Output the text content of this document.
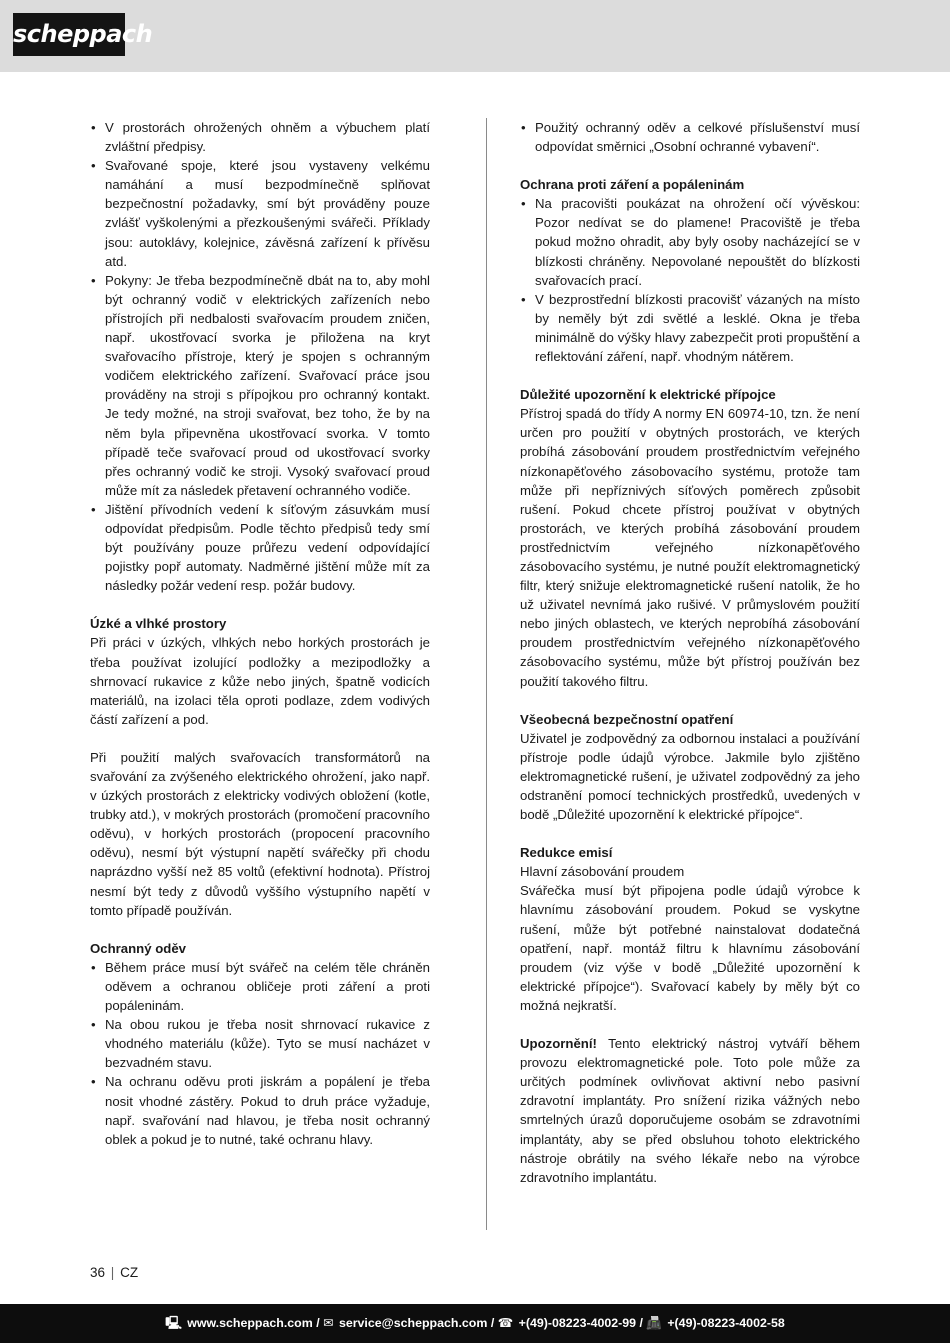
scheppach
• V prostorách ohrožených ohněm a výbuchem platí zvláštní předpisy.
• Svařované spoje, které jsou vystaveny velkému namáhání a musí bezpodmínečně splňovat bezpečnostní požadavky, smí být prováděny pouze zvlášť vyškolenými a přezkoušenými svářeči. Příklady jsou: autoklávy, kolejnice, závěsná zařízení k přívěsu atd.
• Pokyny: Je třeba bezpodmínečně dbát na to, aby mohl být ochranný vodič v elektrických zařízeních nebo přístrojích při nedbalosti svařovacím proudem zničen, např. ukostřovací svorka je přiložena na kryt svařovacího přístroje, který je spojen s ochranným vodičem elektrického zařízení. Svařovací práce jsou prováděny na stroji s přípojkou pro ochranný kontakt. Je tedy možné, na stroji svařovat, bez toho, že by na něm byla připevněna ukostřovací svorka. V tomto případě teče svařovací proud od ukostřovací svorky přes ochranný vodič ke stroji. Vysoký svařovací proud může mít za následek přetavení ochranného vodiče.
• Jištění přívodních vedení k síťovým zásuvkám musí odpovídat předpisům. Podle těchto předpisů tedy smí být používány pouze průřezu vedení odpovídající pojistky popř automaty. Nadměrné jištění může mít za následky požár vedení resp. požár budovy.
Úzké a vlhké prostory

Při práci v úzkých, vlhkých nebo horkých prostorách je třeba používat izolující podložky a mezipodložky a shrnovací rukavice z kůže nebo jiných, špatně vodicích materiálů, na izolaci těla oproti podlaze, zdem vodivých částí zařízení a pod.

Při použití malých svařovacích transformátorů na svařování za zvýšeného elektrického ohrožení, jako např. v úzkých prostorách z elektricky vodivých obložení (kotle, trubky atd.), v mokrých prostorách (promočení pracovního oděvu), v horkých prostorách (propocení pracovního oděvu), nesmí být výstupní napětí svářečky při chodu naprázdno vyšší než 85 voltů (efektivní hodnota). Přístroj nesmí být tedy z důvodů vyššího výstupního napětí v tomto případě používán.

Ochranný oděv
• Během práce musí být svářeč na celém těle chráněn oděvem a ochranou obličeje proti záření a proti popáleninám.
• Na obou rukou je třeba nosit shrnovací rukavice z vhodného materiálu (kůže). Tyto se musí nacházet v bezvadném stavu.
• Na ochranu oděvu proti jiskrám a popálení je třeba nosit vhodné zástěry. Pokud to druh práce vyžaduje, např. svařování nad hlavou, je třeba nosit ochranný oblek a pokud je to nutné, také ochranu hlavy.
• Použitý ochranný oděv a celkové příslušenství musí odpovídat směrnici „Osobní ochranné vybavení“.
Ochrana proti záření a popáleninám
• Na pracovišti poukázat na ohrožení očí vývěskou: Pozor nedívat se do plamene! Pracoviště je třeba pokud možno ohradit, aby byly osoby nacházející se v blízkosti chráněny. Nepovolané nepouštět do blízkosti svařovacích prací.
• V bezprostřední blízkosti pracovišť vázaných na místo by neměly být zdi světlé a lesklé. Okna je třeba minimálně do výšky hlavy zabezpečit proti propuštění a reflektování záření, např. vhodným nátěrem.
Důležité upozornění k elektrické přípojce

Přístroj spadá do třídy A normy EN 60974-10, tzn. že není určen pro použití v obytných prostorách, ve kterých probíhá zásobování proudem prostřednictvím veřejného nízkonapěťového zásobovacího systému, protože tam může při nepříznivých síťových poměrech způsobit rušení. Pokud chcete přístroj používat v obytných prostorách, ve kterých probíhá zásobování proudem prostřednictvím veřejného nízkonapěťového zásobovacího systému, je nutné použít elektromagnetický filtr, který snižuje elektromagnetické rušení natolik, že ho už uživatel nevnímá jako rušivé. V průmyslovém použití nebo jiných oblastech, ve kterých neprobíhá zásobování proudem prostřednictvím veřejného nízkonapěťového zásobovacího systému, může být přístroj používán bez použití takového filtru.

Všeobecná bezpečnostní opatření

Uživatel je zodpovědný za odbornou instalaci a používání přístroje podle údajů výrobce. Jakmile bylo zjištěno elektromagnetické rušení, je uživatel zodpovědný za jeho odstranění pomocí technických prostředků, uvedených v bodě „Důležité upozornění k elektrické přípojce“.

Redukce emisí

Hlavní zásobování proudem

Svářečka musí být připojena podle údajů výrobce k hlavnímu zásobování proudem. Pokud se vyskytne rušení, může být potřebné nainstalovat dodatečná opatření, např. montáž filtru k hlavnímu zásobování proudem (viz výše v bodě „Důležité upozornění k elektrické přípojce“). Svařovací kabely by měly být co možná nejkratší.

Upozornění! Tento elektrický nástroj vytváří během provozu elektromagnetické pole. Toto pole může za určitých podmínek ovlivňovat aktivní nebo pasivní zdravotní implantáty. Pro snížení rizika vážných nebo smrtelných úrazů doporučujeme osobám se zdravotními implantáty, aby se před obsluhou tohoto elektrického nástroje obrátily na svého lékaře nebo na výrobce zdravotního implantátu.

36 | CZ
🖳 www.scheppach.com / ✉ service@scheppach.com / ☎ +(49)-08223-4002-99 / 📠 +(49)-08223-4002-58
